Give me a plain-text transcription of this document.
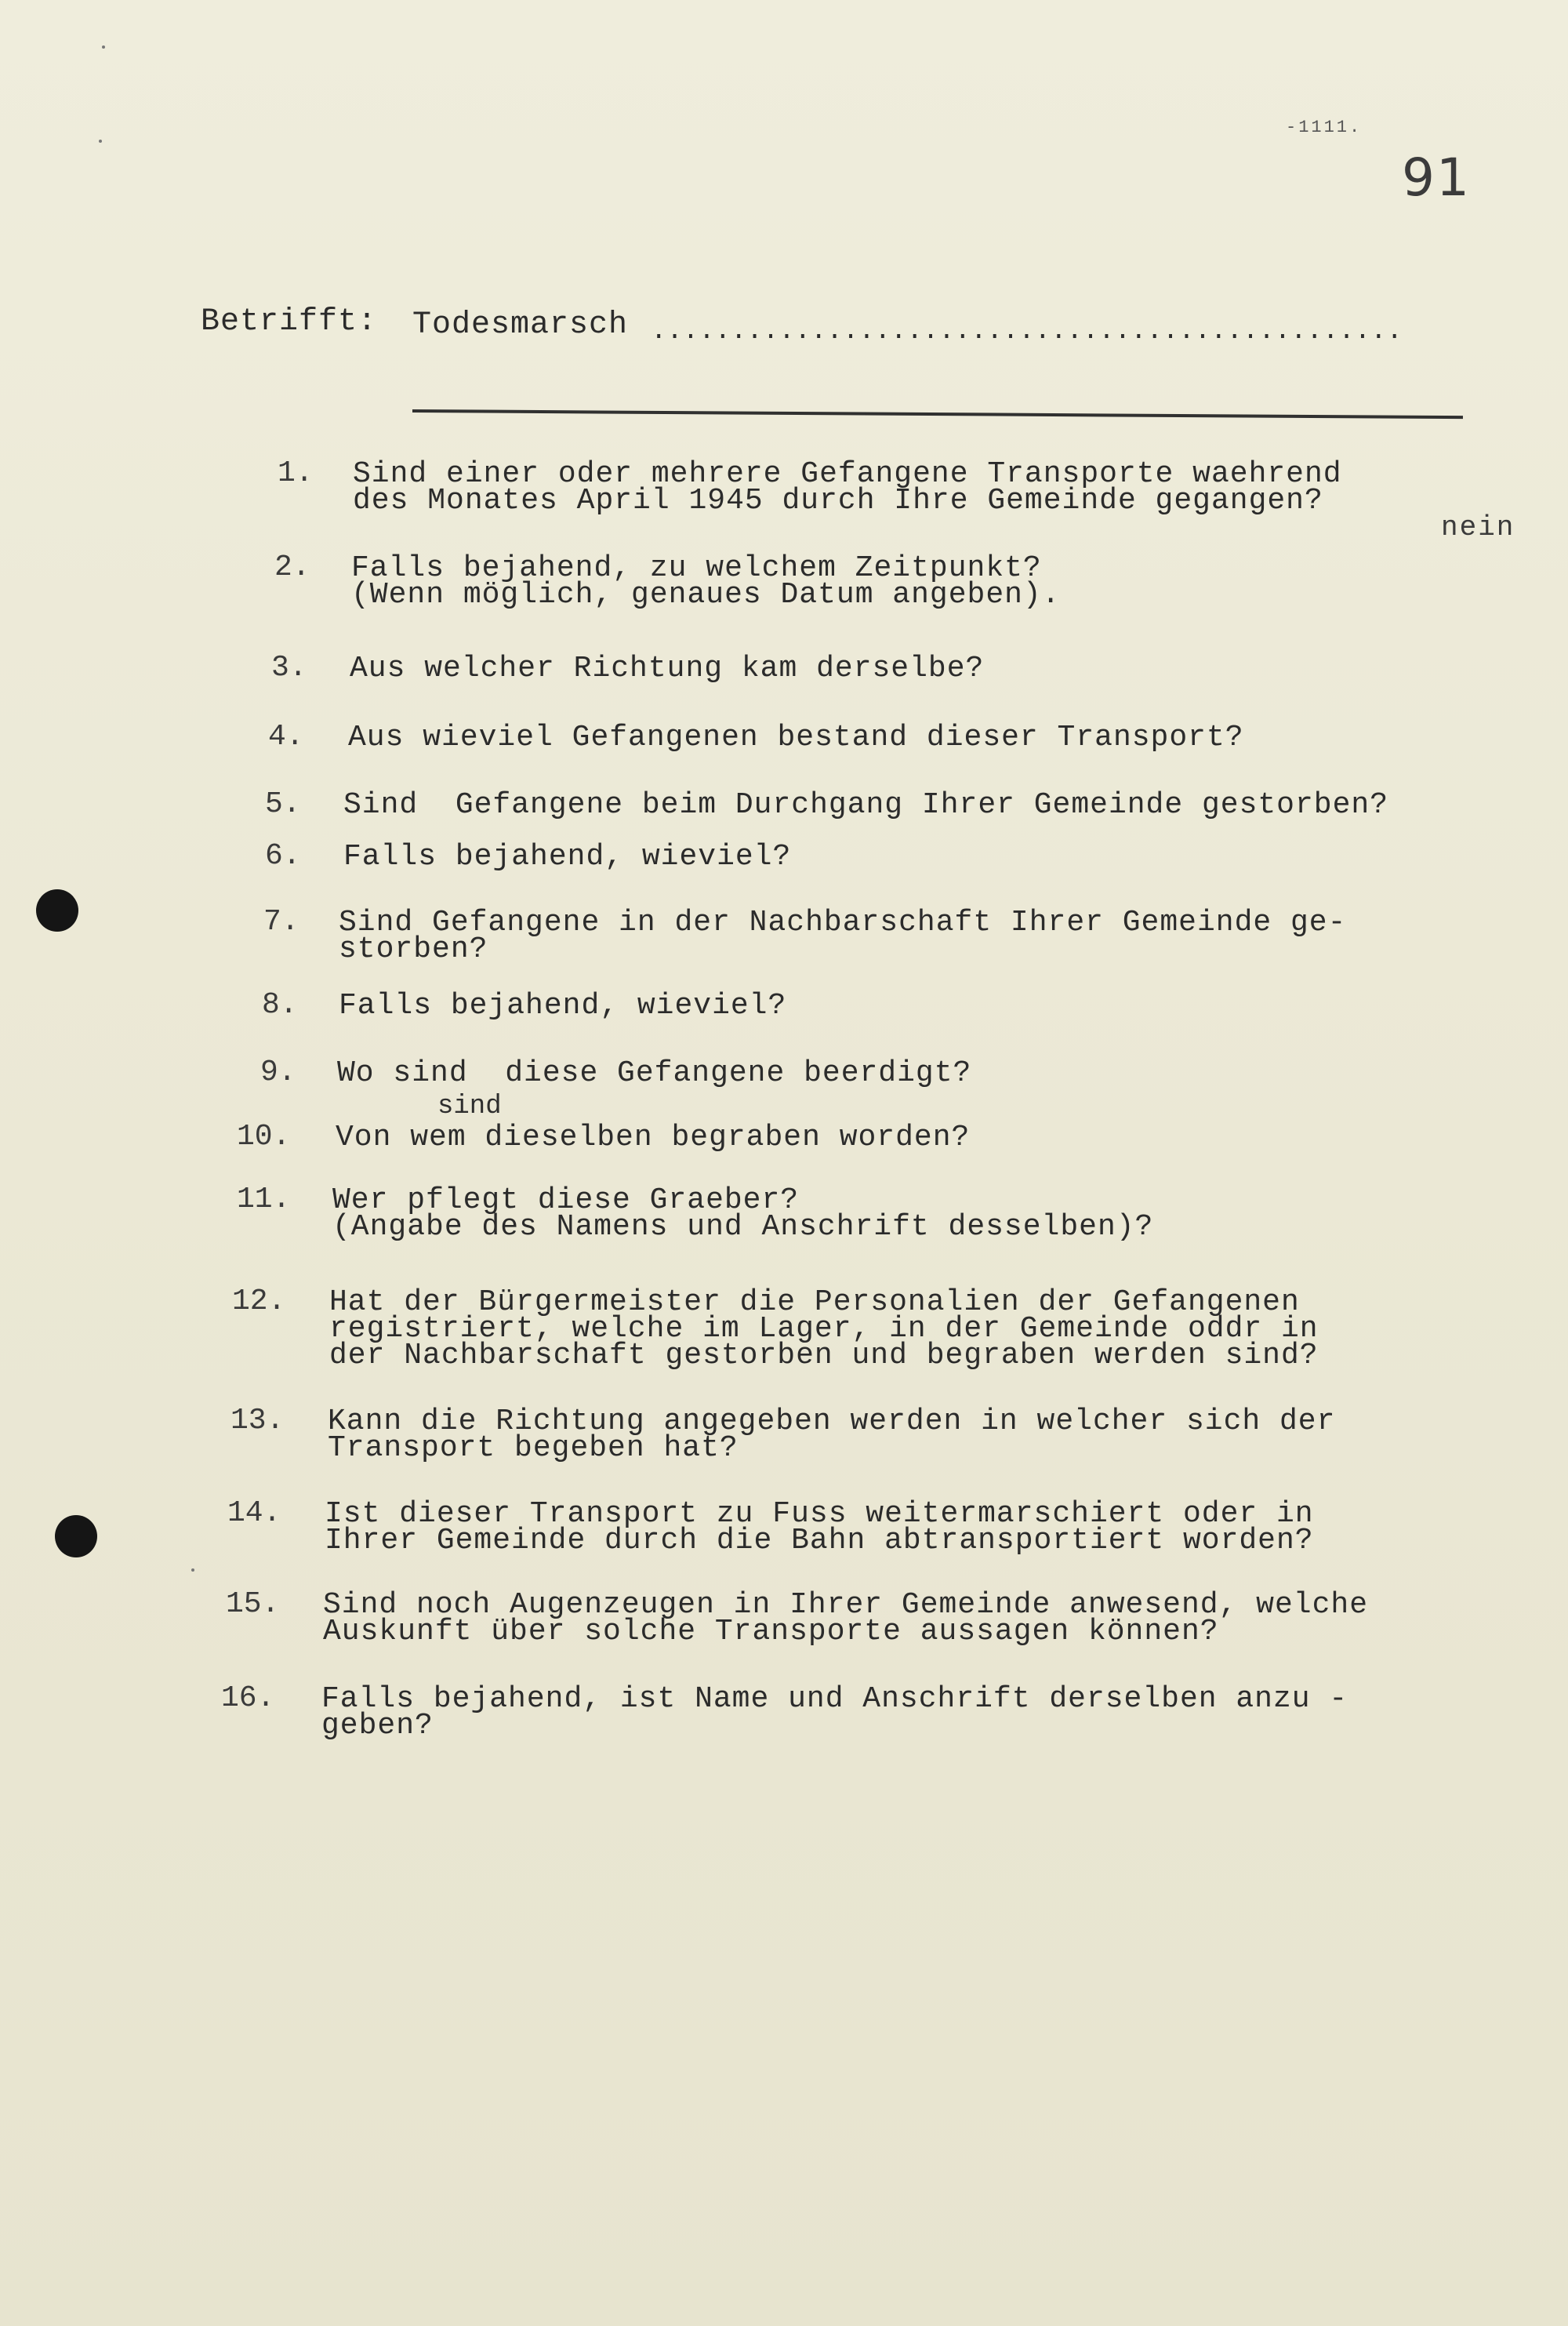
-1111.
91
Betrifft: Todesmarsch ...............................................
1. Sind einer oder mehrere Gefangene Transporte waehrend

des Monates April 1945 durch Ihre Gemeinde gegangen?

2. Falls bejahend, zu welchem Zeitpunkt?

(Wenn möglich, genaues Datum angeben).

3. Aus welcher Richtung kam derselbe?

4. Aus wieviel Gefangenen bestand dieser Transport?

5. Sind  Gefangene beim Durchgang Ihrer Gemeinde gestorben?

6. Falls bejahend, wieviel?

7. Sind Gefangene in der Nachbarschaft Ihrer Gemeinde ge-

storben?

8. Falls bejahend, wieviel?

9. Wo sind  diese Gefangene beerdigt?

10. Von wem dieselben begraben worden?

11. Wer pflegt diese Graeber?

(Angabe des Namens und Anschrift desselben)?

12. Hat der Bürgermeister die Personalien der Gefangenen

registriert, welche im Lager, in der Gemeinde oddr in

der Nachbarschaft gestorben und begraben werden sind?

13. Kann die Richtung angegeben werden in welcher sich der

Transport begeben hat?

14. Ist dieser Transport zu Fuss weitermarschiert oder in

Ihrer Gemeinde durch die Bahn abtransportiert worden?

15. Sind noch Augenzeugen in Ihrer Gemeinde anwesend, welche

Auskunft über solche Transporte aussagen können?

16. Falls bejahend, ist Name und Anschrift derselben anzu -

geben?

nein
sind
